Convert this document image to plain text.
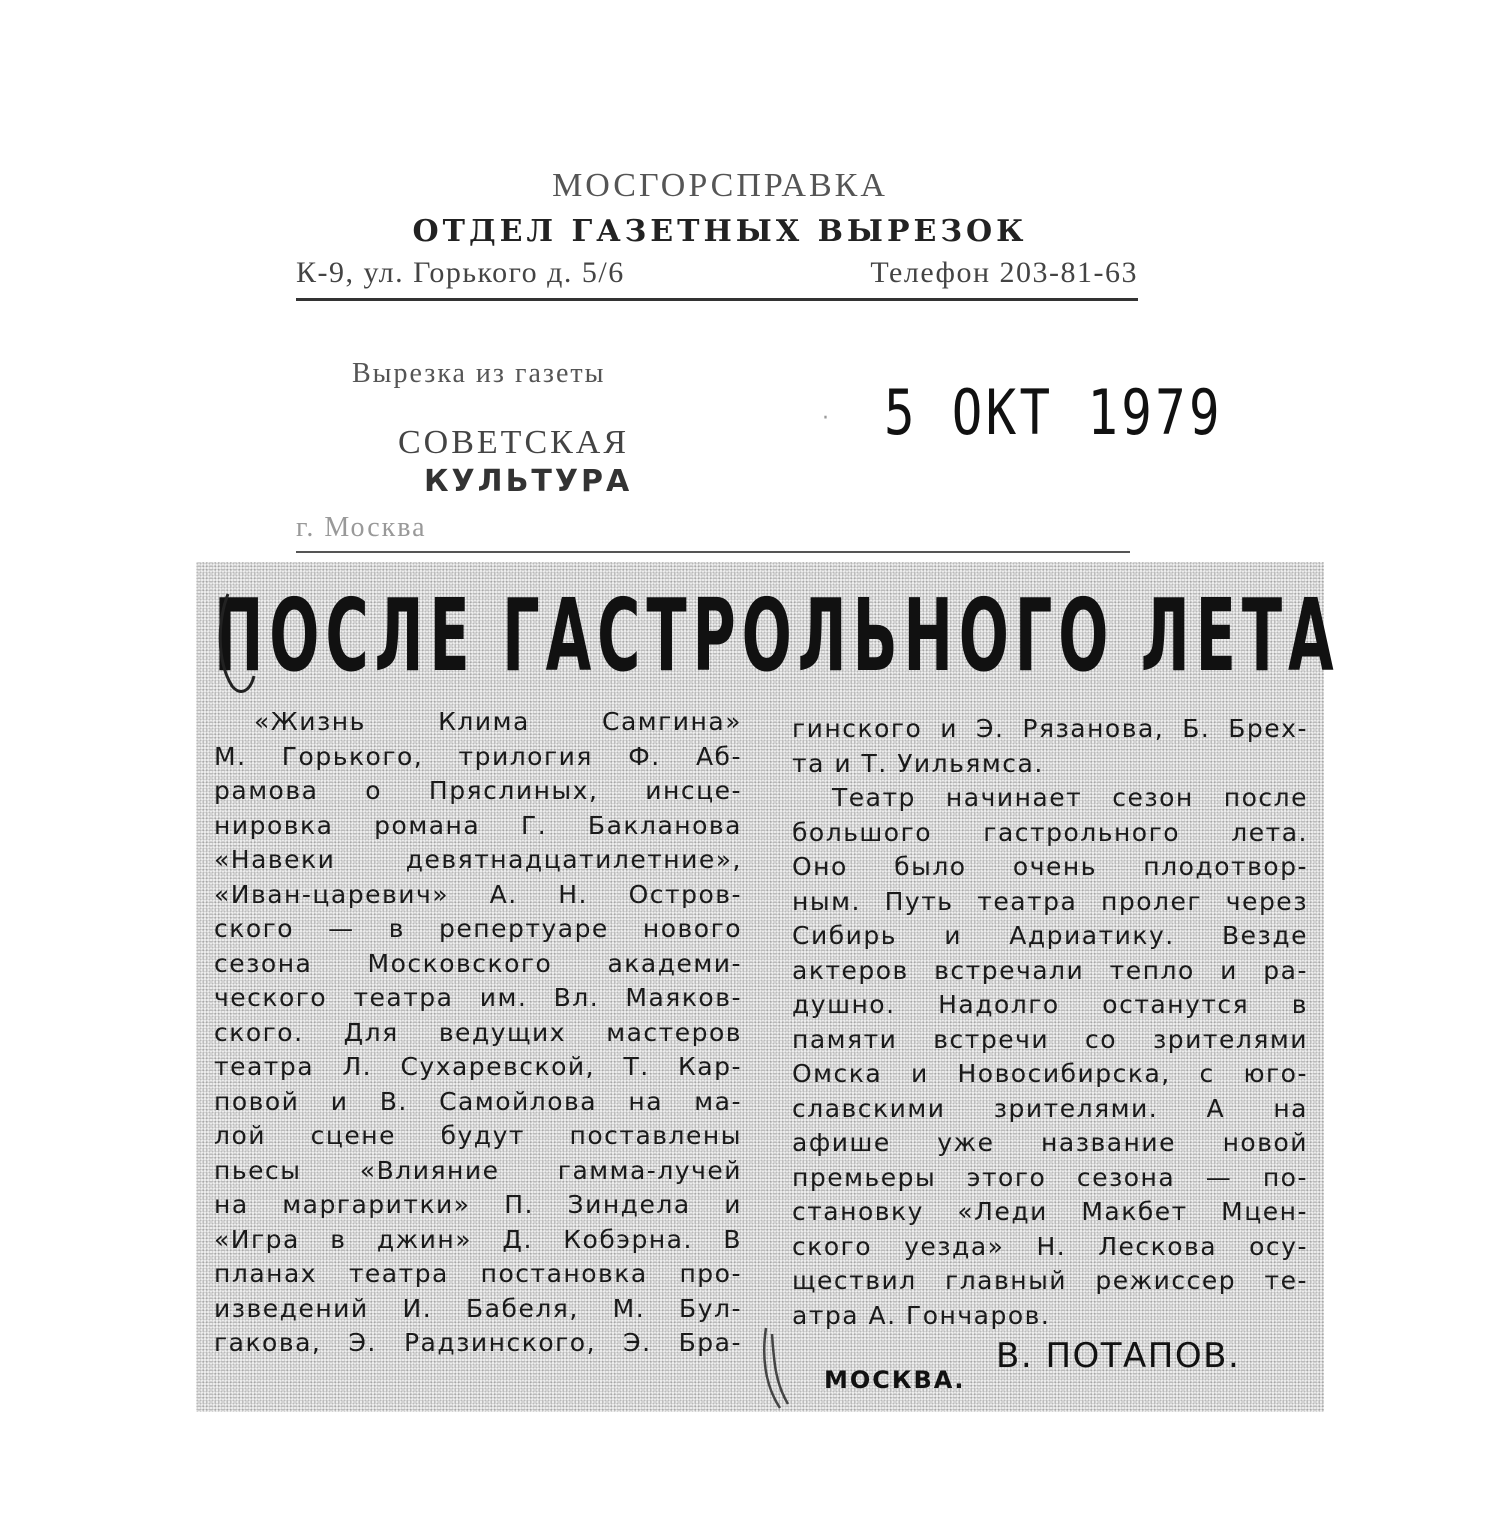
МОСГОРСПРАВКА
ОТДЕЛ ГАЗЕТНЫХ ВЫРЕЗОК
К-9, ул. Горького д. 5/6	Телефон 203-81-63
Вырезка из газеты
СОВЕТСКАЯ
КУЛЬТУРА
г. Москва
· 5 ОКТ 1979
ПОСЛЕ ГАСТРОЛЬНОГО ЛЕТА
«Жизнь Клима Самгина»
М. Горького, трилогия Ф. Аб-
рамова о Пряслиных, инсце-
нировка романа Г. Бакланова
«Навеки девятнадцатилетние»,
«Иван-царевич» А. Н. Остров-
ского — в репертуаре нового
сезона Московского академи-
ческого театра им. Вл. Маяков-
ского. Для ведущих мастеров
театра Л. Сухаревской, Т. Кар-
повой и В. Самойлова на ма-
лой сцене будут поставлены
пьесы «Влияние гамма-лучей
на маргаритки» П. Зиндела и
«Игра в джин» Д. Кобэрна. В
планах театра постановка про-
изведений И. Бабеля, М. Бул-
гакова, Э. Радзинского, Э. Бра-
гинского и Э. Рязанова, Б. Брех-
та и Т. Уильямса.
Театр начинает сезон после
большого гастрольного лета.
Оно было очень плодотвор-
ным. Путь театра пролег через
Сибирь и Адриатику. Везде
актеров встречали тепло и ра-
душно. Надолго останутся в
памяти встречи со зрителями
Омска и Новосибирска, с юго-
славскими зрителями. А на
афише уже название новой
премьеры этого сезона — по-
становку «Леди Макбет Мцен-
ского уезда» Н. Лескова осу-
ществил главный режиссер те-
атра А. Гончаров.
В. ПОТАПОВ.
МОСКВА.
